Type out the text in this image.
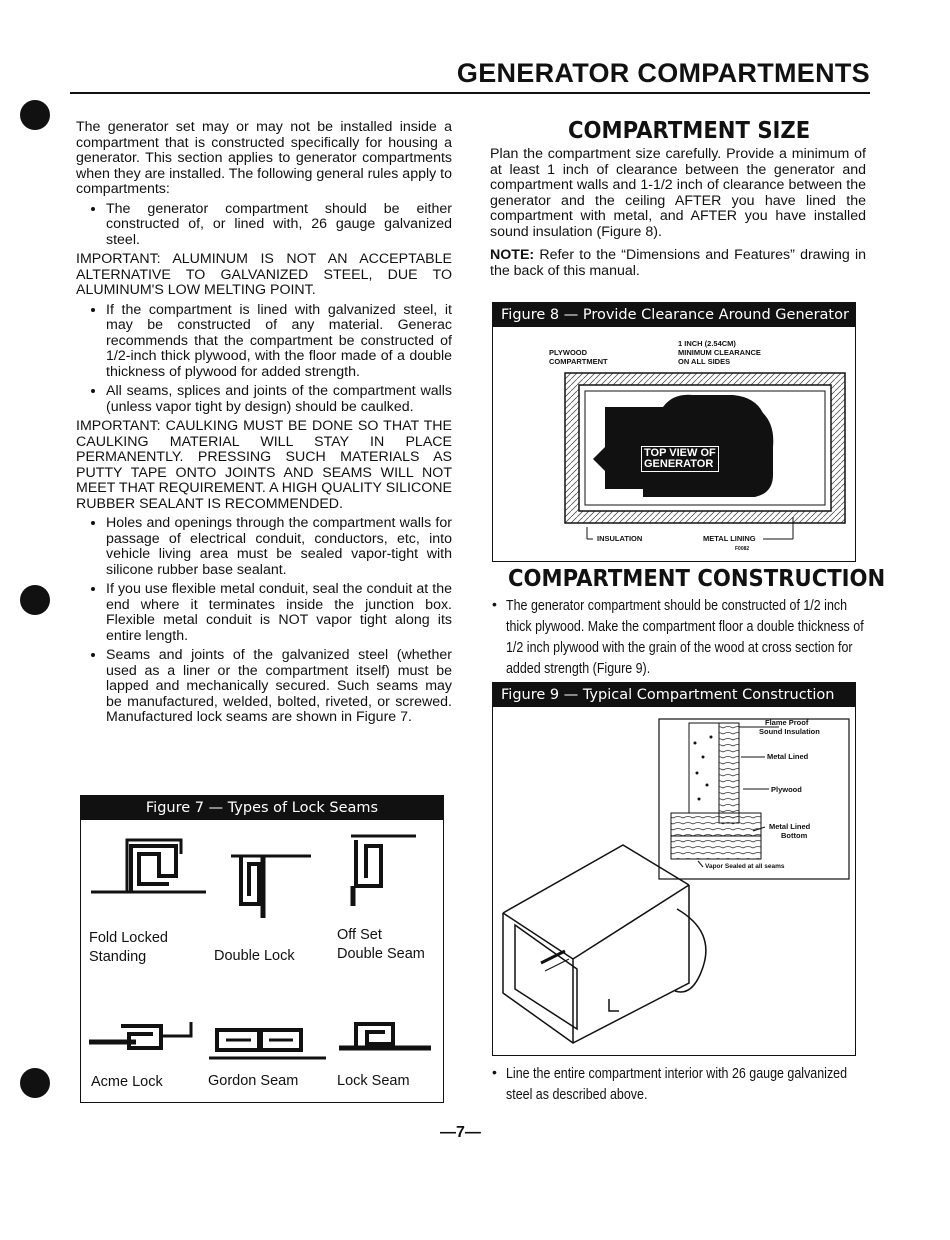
GENERATOR COMPARTMENTS

The generator set may or may not be installed inside a compartment that is constructed specifically for housing a generator. This section applies to generator compartments when they are installed. The following general rules apply to compartments:

• The generator compartment should be either constructed of, or lined with, 26 gauge galvanized steel.

IMPORTANT: ALUMINUM IS NOT AN ACCEPTABLE ALTERNATIVE TO GALVANIZED STEEL, DUE TO ALUMINUM'S LOW MELTING POINT.

• If the compartment is lined with galvanized steel, it may be constructed of any material. Generac recommends that the compartment be constructed of 1/2-inch thick plywood, with the floor made of a double thickness of plywood for added strength.
• All seams, splices and joints of the compartment walls (unless vapor tight by design) should be caulked.

IMPORTANT: CAULKING MUST BE DONE SO THAT THE CAULKING MATERIAL WILL STAY IN PLACE PERMANENTLY. PRESSING SUCH MATERIALS AS PUTTY TAPE ONTO JOINTS AND SEAMS WILL NOT MEET THAT REQUIREMENT. A HIGH QUALITY SILICONE RUBBER SEALANT IS RECOMMENDED.

• Holes and openings through the compartment walls for passage of electrical conduit, conductors, etc, into vehicle living area must be sealed vapor-tight with silicone rubber base sealant.
• If you use flexible metal conduit, seal the conduit at the end where it terminates inside the junction box. Flexible metal conduit is NOT vapor tight along its entire length.
• Seams and joints of the galvanized steel (whether used as a liner or the compartment itself) must be lapped and mechanically secured. Such seams may be manufactured, welded, bolted, riveted, or screwed. Manufactured lock seams are shown in Figure 7.
Figure 7 — Types of Lock Seams
Fold Locked
Standing	Double Lock
Off Set
Double Seam
Acme Lock	Gordon Seam	Lock Seam
COMPARTMENT SIZE

Plan the compartment size carefully. Provide a minimum of at least 1 inch of clearance between the generator and compartment walls and 1-1/2 inch of clearance between the generator and the ceiling AFTER you have lined the compartment with metal, and AFTER you have installed sound insulation (Figure 8).

NOTE: Refer to the “Dimensions and Features” drawing in the back of this manual.

Figure 8 — Provide Clearance Around Generator
PLYWOOD
COMPARTMENT
1 INCH (2.54CM)
MINIMUM CLEARANCE
ON ALL SIDES
TOP VIEW OF
GENERATOR
INSULATION	METAL LINING
F0082
COMPARTMENT CONSTRUCTION
• The generator compartment should be constructed of 1/2 inch thick plywood. Make the compartment floor a double thickness of 1/2 inch plywood with the grain of the wood at cross section for added strength (Figure 9).
Figure 9 — Typical Compartment Construction
Flame Proof
Sound Insulation
Metal Lined
Plywood
Metal Lined
Bottom
Vapor Sealed at all seams
• Line the entire compartment interior with 26 gauge galvanized steel as described above.
—7—
